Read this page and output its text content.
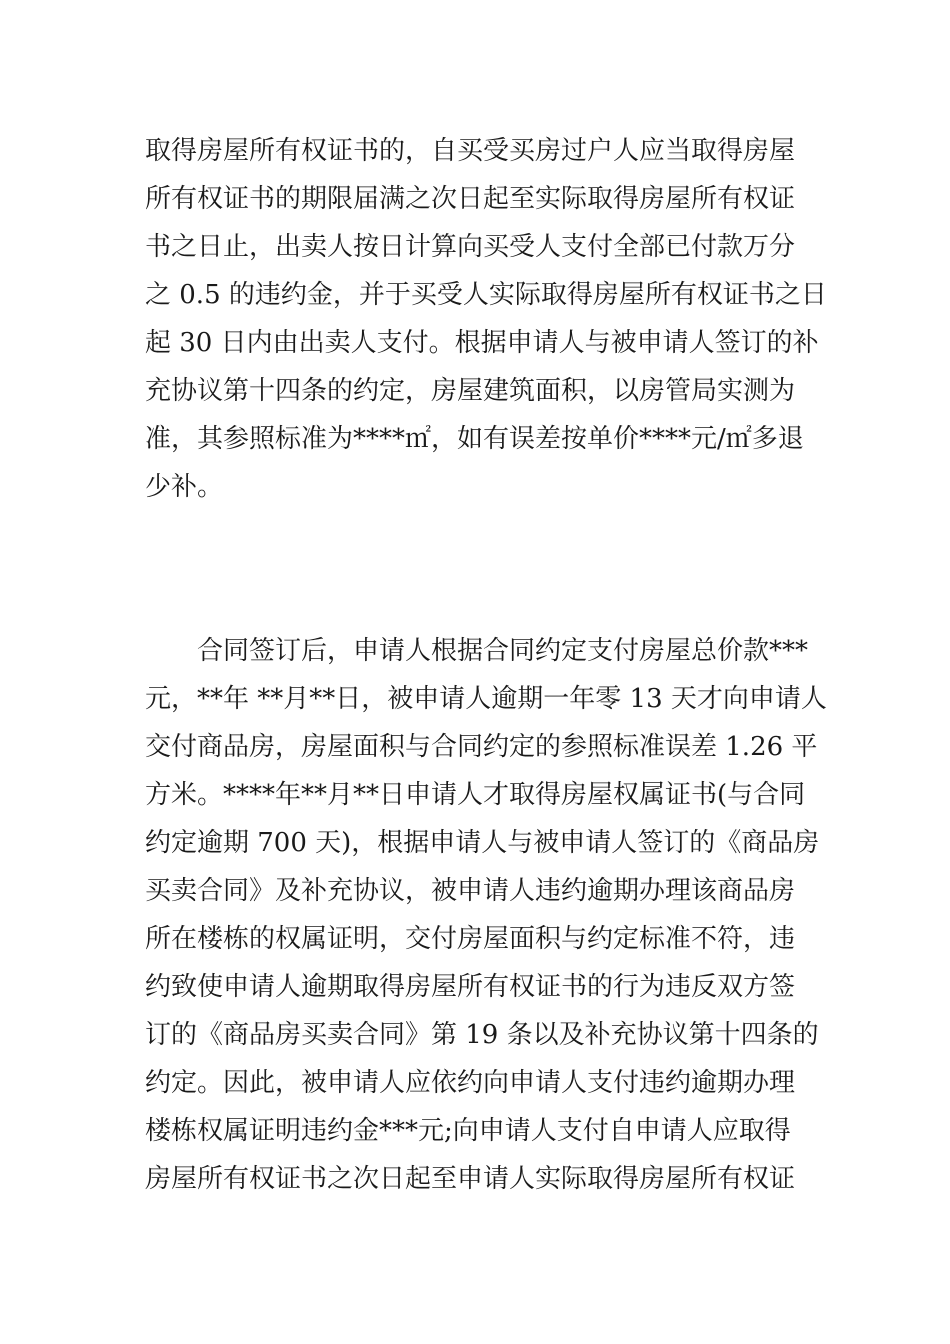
取得房屋所有权证书的，自买受买房过户人应当取得房屋
所有权证书的期限届满之次日起至实际取得房屋所有权证
书之日止，出卖人按日计算向买受人支付全部已付款万分
之 0.5 的违约金，并于买受人实际取得房屋所有权证书之日
起 30 日内由出卖人支付。根据申请人与被申请人签订的补
充协议第十四条的约定，房屋建筑面积，以房管局实测为
准，其参照标准为****㎡，如有误差按单价****元/㎡多退
少补。
　　合同签订后，申请人根据合同约定支付房屋总价款***
元，**年 **月**日，被申请人逾期一年零 13 天才向申请人
交付商品房，房屋面积与合同约定的参照标准误差 1.26 平
方米。****年**月**日申请人才取得房屋权属证书(与合同
约定逾期 700 天)，根据申请人与被申请人签订的《商品房
买卖合同》及补充协议，被申请人违约逾期办理该商品房
所在楼栋的权属证明，交付房屋面积与约定标准不符，违
约致使申请人逾期取得房屋所有权证书的行为违反双方签
订的《商品房买卖合同》第 19 条以及补充协议第十四条的
约定。因此，被申请人应依约向申请人支付违约逾期办理
楼栋权属证明违约金***元;向申请人支付自申请人应取得
房屋所有权证书之次日起至申请人实际取得房屋所有权证
